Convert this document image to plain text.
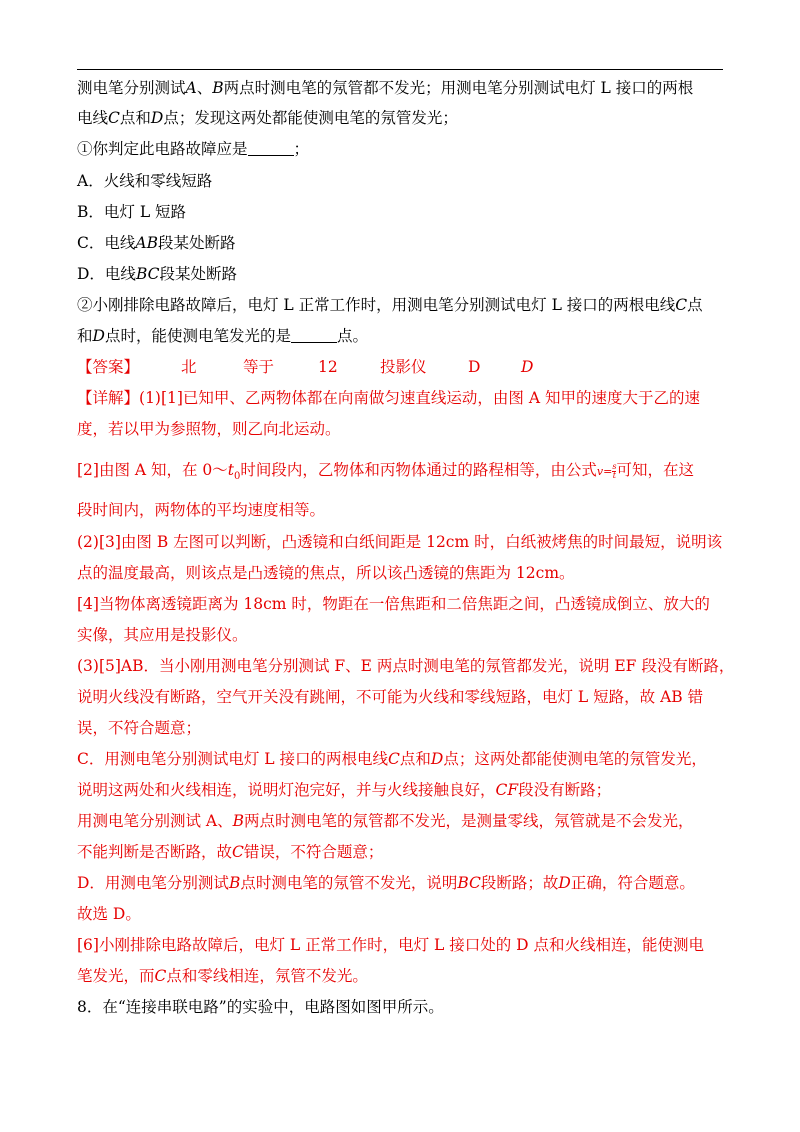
测电笔分别测试A、B两点时测电笔的氖管都不发光；用测电笔分别测试电灯 L 接口的两根
电线C点和D点；发现这两处都能使测电笔的氖管发光；
①你判定此电路故障应是	；
A．火线和零线短路
B．电灯 L 短路
C．电线AB段某处断路
D．电线BC段某处断路
②小刚排除电路故障后，电灯 L 正常工作时，用测电笔分别测试电灯 L 接口的两根电线C点
和D点时，能使测电笔发光的是	点。
【答案】	北	等于	12	投影仪	D	D
【详解】(1)[1]已知甲、乙两物体都在向南做匀速直线运动，由图 A 知甲的速度大于乙的速
度，若以甲为参照物，则乙向北运动。
[2]由图 A 知，在 $0\sim t_0$时间段内，乙物体和丙物体通过的路程相等，由公式$v= \frac{s}{t}$ 可知，在这
段时间内，两物体的平均速度相等。
(2)[3]由图 B 左图可以判断，凸透镜和白纸间距是 12cm 时，白纸被烤焦的时间最短，说明该
点的温度最高，则该点是凸透镜的焦点，所以该凸透镜的焦距为 12cm。
[4]当物体离透镜距离为 18cm 时，物距在一倍焦距和二倍焦距之间，凸透镜成倒立、放大的
实像，其应用是投影仪。
(3)[5]AB．当小刚用测电笔分别测试 F、E 两点时测电笔的氖管都发光，说明 EF 段没有断路，
说明火线没有断路，空气开关没有跳闸，不可能为火线和零线短路，电灯 L 短路，故 AB 错
误，不符合题意；
C．用测电笔分别测试电灯 L 接口的两根电线C点和D点；这两处都能使测电笔的氖管发光，
说明这两处和火线相连，说明灯泡完好，并与火线接触良好，CF段没有断路；
用测电笔分别测试 A、B两点时测电笔的氖管都不发光，是测量零线，氖管就是不会发光，
不能判断是否断路，故C错误，不符合题意；
D．用测电笔分别测试B点时测电笔的氖管不发光，说明BC段断路；故D正确，符合题意。
故选 D。
[6]小刚排除电路故障后，电灯 L 正常工作时，电灯 L 接口处的 D 点和火线相连，能使测电
笔发光，而C点和零线相连，氖管不发光。
8．在“连接串联电路”的实验中，电路图如图甲所示。
